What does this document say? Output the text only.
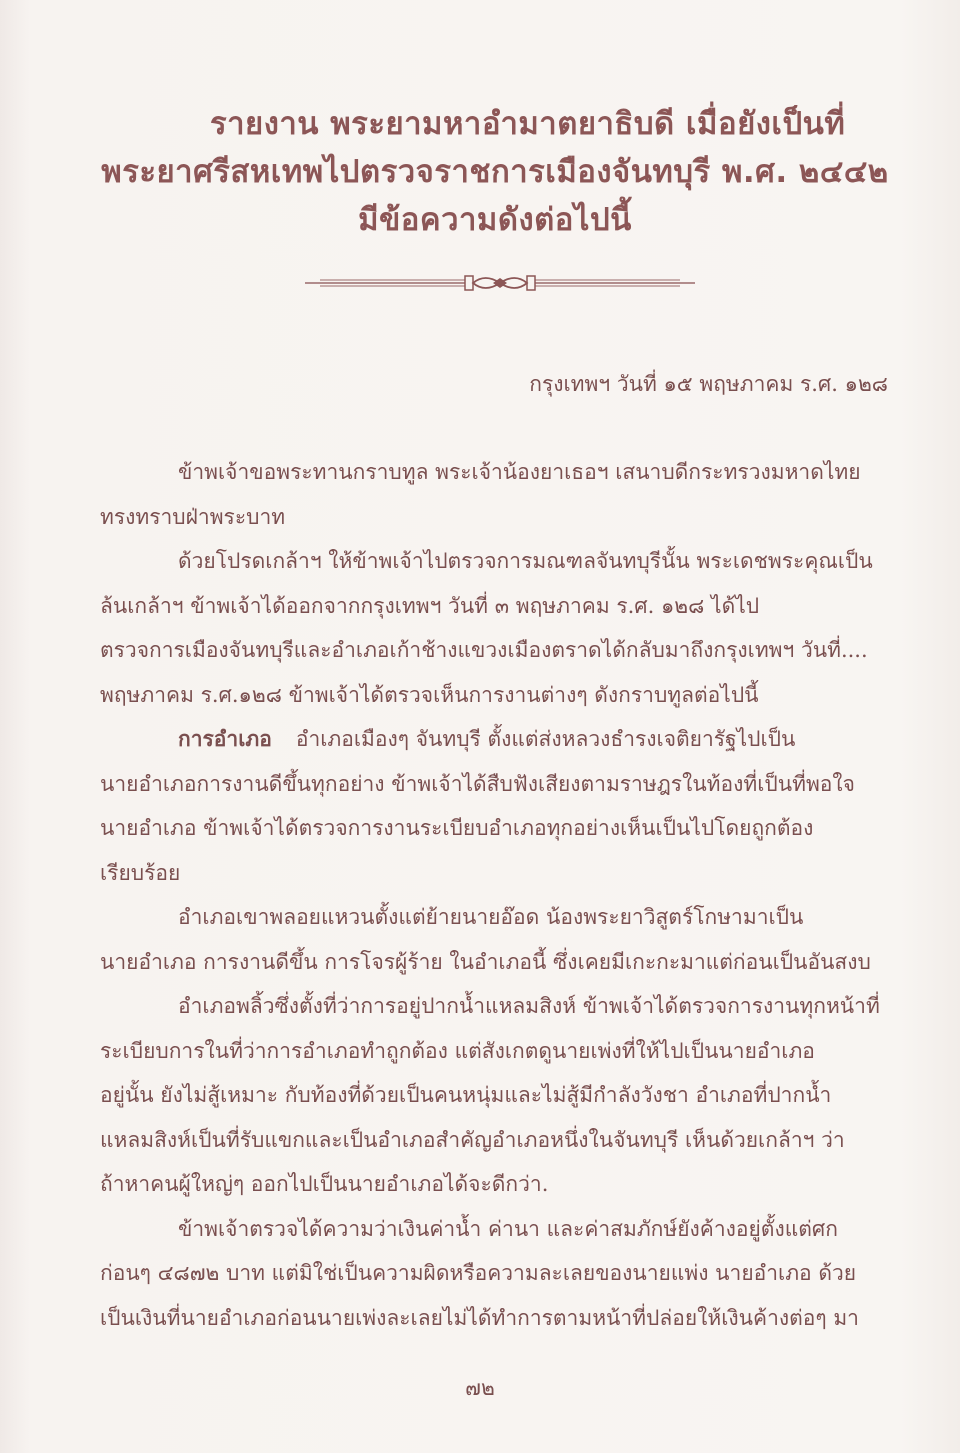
รายงาน พระยามหาอำมาตยาธิบดี เมื่อยังเป็นที่
พระยาศรีสหเทพไปตรวจราชการเมืองจันทบุรี พ.ศ. ๒๔๔๒
มีข้อความดังต่อไปนี้
กรุงเทพฯ วันที่ ๑๕ พฤษภาคม ร.ศ. ๑๒๘
ข้าพเจ้าขอพระทานกราบทูล พระเจ้าน้องยาเธอฯ เสนาบดีกระทรวงมหาดไทย
ทรงทราบฝ่าพระบาท
ด้วยโปรดเกล้าฯ ให้ข้าพเจ้าไปตรวจการมณฑลจันทบุรีนั้น พระเดชพระคุณเป็น
ล้นเกล้าฯ ข้าพเจ้าได้ออกจากกรุงเทพฯ วันที่ ๓ พฤษภาคม ร.ศ. ๑๒๘ ได้ไป
ตรวจการเมืองจันทบุรีและอำเภอเก้าช้างแขวงเมืองตราดได้กลับมาถึงกรุงเทพฯ วันที่....
พฤษภาคม ร.ศ.๑๒๘ ข้าพเจ้าได้ตรวจเห็นการงานต่างๆ ดังกราบทูลต่อไปนี้
การอำเภอ อำเภอเมืองๆ จันทบุรี ตั้งแต่ส่งหลวงธำรงเจติยารัฐไปเป็น
นายอำเภอการงานดีขึ้นทุกอย่าง ข้าพเจ้าได้สืบฟังเสียงตามราษฎรในท้องที่เป็นที่พอใจ
นายอำเภอ ข้าพเจ้าได้ตรวจการงานระเบียบอำเภอทุกอย่างเห็นเป็นไปโดยถูกต้อง
เรียบร้อย
อำเภอเขาพลอยแหวนตั้งแต่ย้ายนายอ๊อด น้องพระยาวิสูตร์โกษามาเป็น
นายอำเภอ การงานดีขึ้น การโจรผู้ร้าย ในอำเภอนี้ ซึ่งเคยมีเกะกะมาแต่ก่อนเป็นอันสงบ
อำเภอพลิ้วซึ่งตั้งที่ว่าการอยู่ปากน้ำแหลมสิงห์ ข้าพเจ้าได้ตรวจการงานทุกหน้าที่
ระเบียบการในที่ว่าการอำเภอทำถูกต้อง แต่สังเกตดูนายเพ่งที่ให้ไปเป็นนายอำเภอ
อยู่นั้น ยังไม่สู้เหมาะ กับท้องที่ด้วยเป็นคนหนุ่มและไม่สู้มีกำลังวังชา อำเภอที่ปากน้ำ
แหลมสิงห์เป็นที่รับแขกและเป็นอำเภอสำคัญอำเภอหนึ่งในจันทบุรี เห็นด้วยเกล้าฯ ว่า
ถ้าหาคนผู้ใหญ่ๆ ออกไปเป็นนายอำเภอได้จะดีกว่า.
ข้าพเจ้าตรวจได้ความว่าเงินค่าน้ำ ค่านา และค่าสมภักษ์ยังค้างอยู่ตั้งแต่ศก
ก่อนๆ ๔๘๗๒ บาท แต่มิใช่เป็นความผิดหรือความละเลยของนายแพ่ง นายอำเภอ ด้วย
เป็นเงินที่นายอำเภอก่อนนายเพ่งละเลยไม่ได้ทำการตามหน้าที่ปล่อยให้เงินค้างต่อๆ มา
๗๒
